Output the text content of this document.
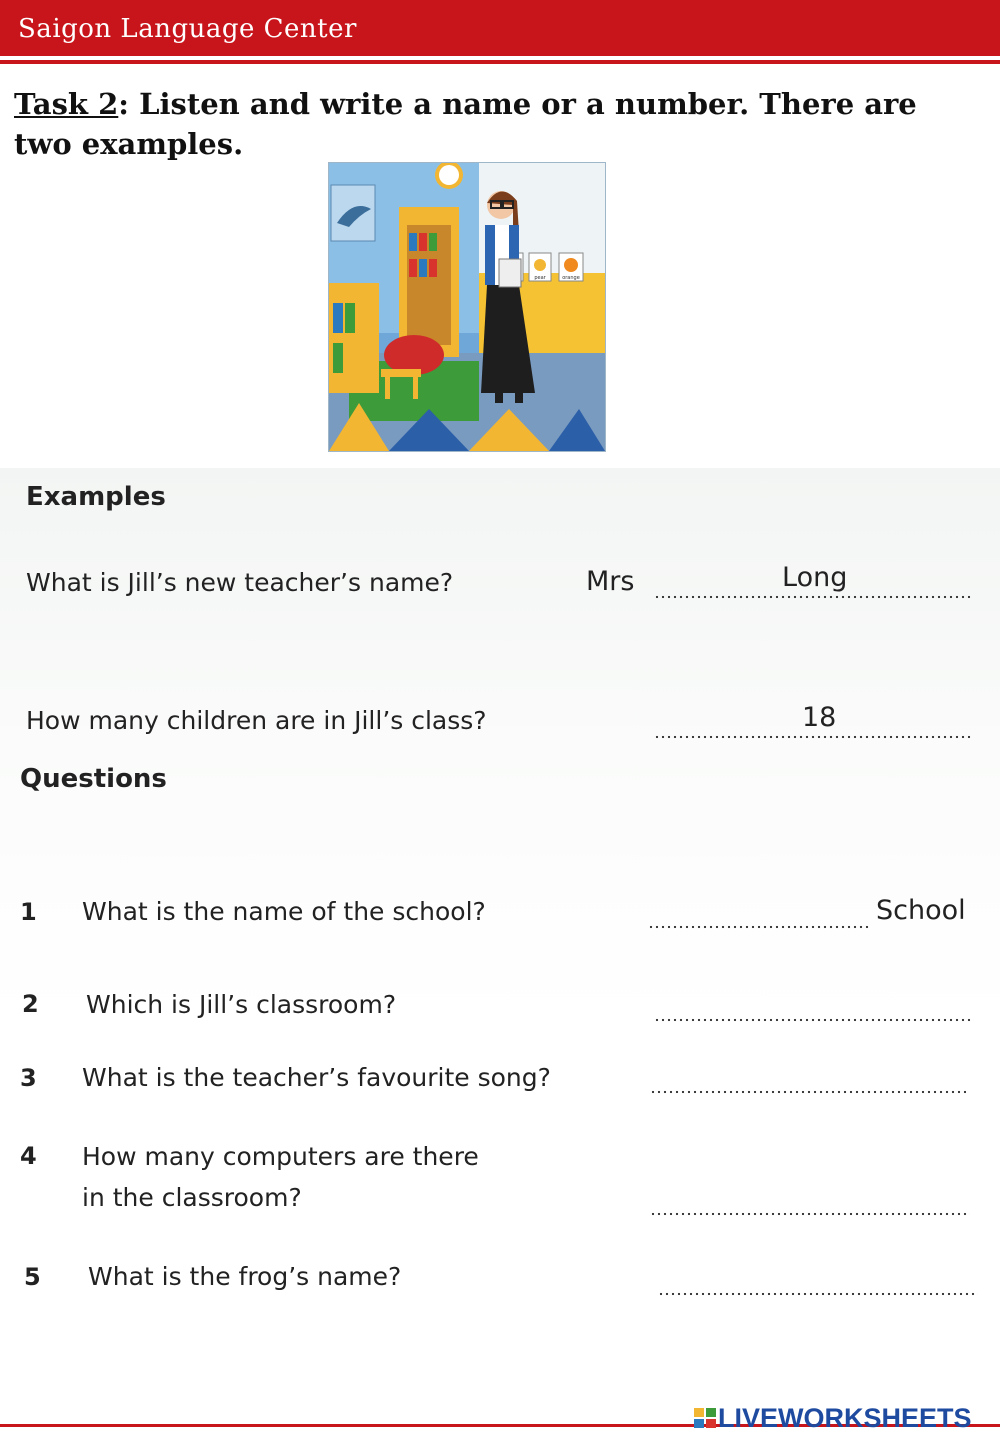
Saigon Language Center
Task 2: Listen and write a name or a number. There are two examples.
pear	orange
Examples
What is Jill’s new teacher’s name?	Mrs	Long
How many children are in Jill’s class?	18
Questions
1 What is the name of the school?	School
2 Which is Jill’s classroom?
3 What is the teacher’s favourite song?
4 How many computers are there
in the classroom?
5 What is the frog’s name?
LIVEWORKSHEETS
